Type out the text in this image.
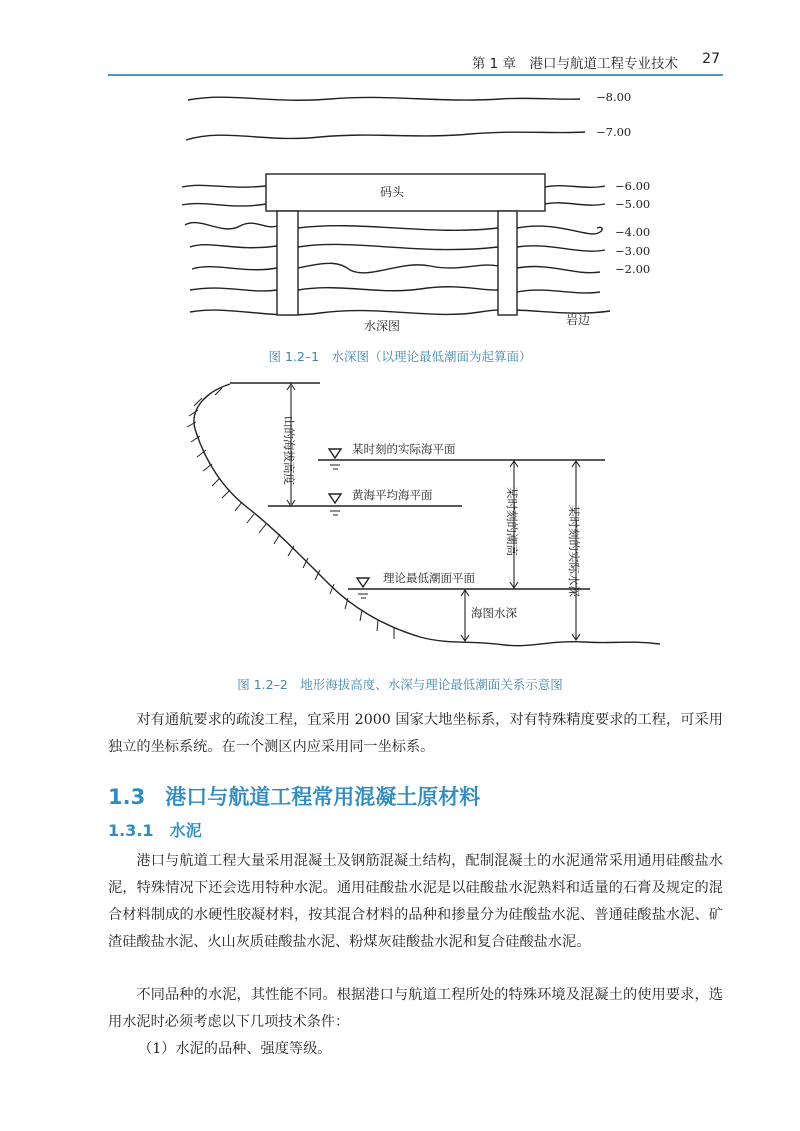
第 1 章　港口与航道工程专业技术 27
码头
水深图	岩边
−8.00
−7.00
−6.00
−5.00
−4.00
−3.00
−2.00
图 1.2–1　水深图（以理论最低潮面为起算面）
某时刻的实际海平面
黄海平均海平面
理论最低潮面平面
海图水深
山的海拔高度
某时刻的潮高	某时刻的实际水深
图 1.2–2　地形海拔高度、水深与理论最低潮面关系示意图

对有通航要求的疏浚工程，宜采用 2000 国家大地坐标系，对有特殊精度要求的工程，可采用独立的坐标系统。在一个测区内应采用同一坐标系。

1.3 港口与航道工程常用混凝土原材料
1.3.1 水泥

港口与航道工程大量采用混凝土及钢筋混凝土结构，配制混凝土的水泥通常采用通用硅酸盐水泥，特殊情况下还会选用特种水泥。通用硅酸盐水泥是以硅酸盐水泥熟料和适量的石膏及规定的混合材料制成的水硬性胶凝材料，按其混合材料的品种和掺量分为硅酸盐水泥、普通硅酸盐水泥、矿渣硅酸盐水泥、火山灰质硅酸盐水泥、粉煤灰硅酸盐水泥和复合硅酸盐水泥。

不同品种的水泥，其性能不同。根据港口与航道工程所处的特殊环境及混凝土的使用要求，选用水泥时必须考虑以下几项技术条件：

（1）水泥的品种、强度等级。
